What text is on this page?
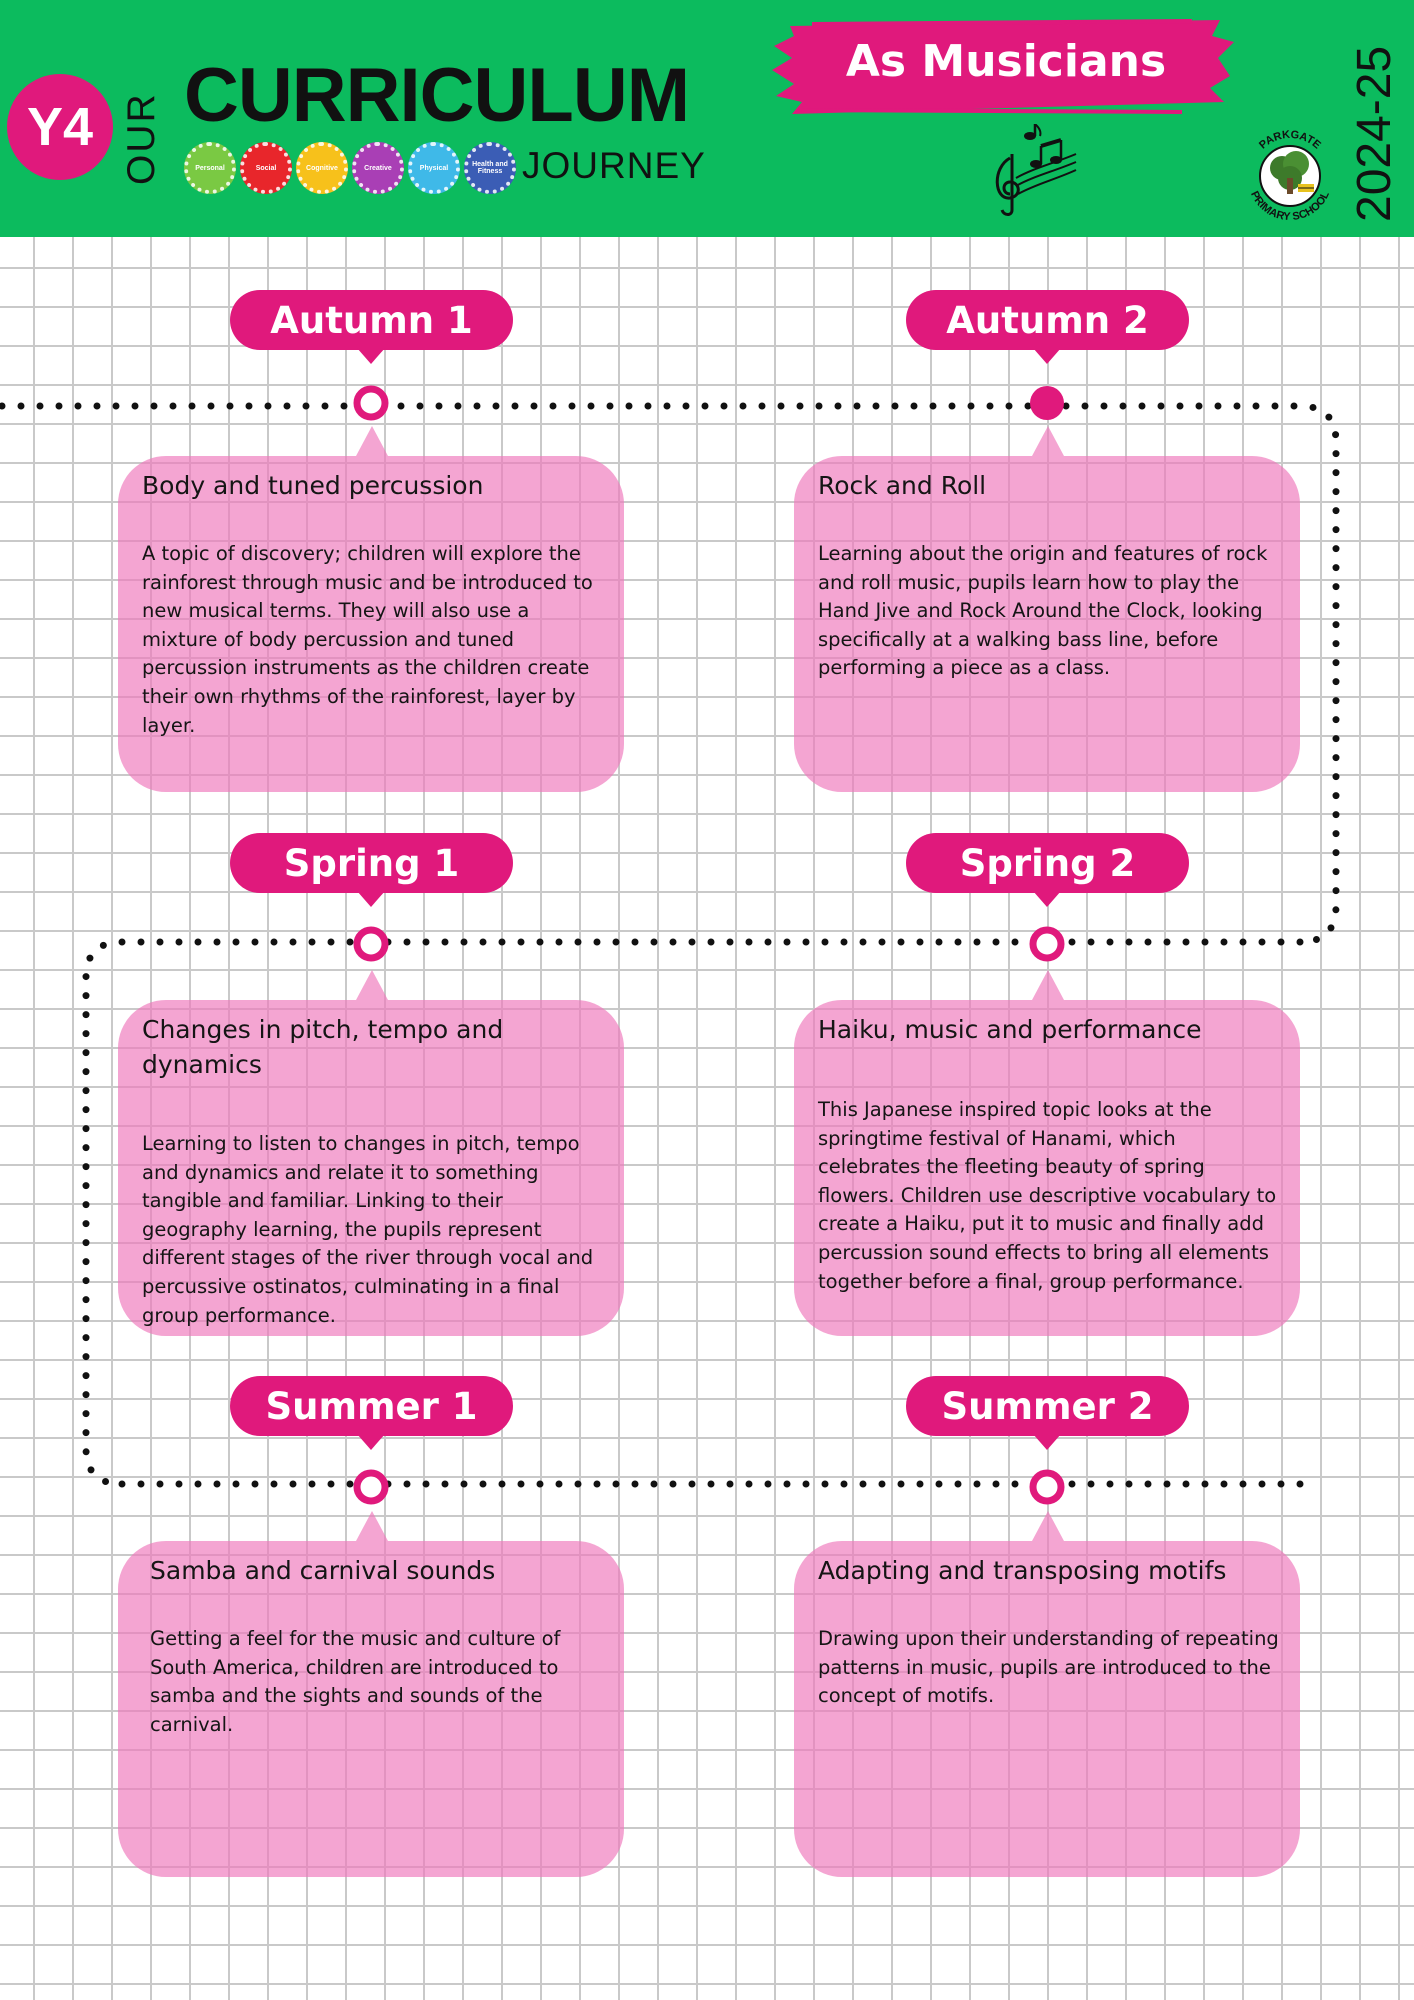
Y4 OUR CURRICULUM
Personal	Social	Cognitive	Creative	Physical	Health and Fitness JOURNEY
As Musicians
PARKGATE
PRIMARY SCHOOL 2024-25
Autumn 1	Autumn 2
Body and tuned percussion
A topic of discovery; children will explore the rainforest through music and be introduced to new musical terms. They will also use a mixture of body percussion and tuned percussion instruments as the children create their own rhythms of the rainforest, layer by layer.
Rock and Roll
Learning about the origin and features of rock and roll music, pupils learn how to play the Hand Jive and Rock Around the Clock, looking specifically at a walking bass line, before performing a piece as a class.
Spring 1	Spring 2
Changes in pitch, tempo and dynamics
Learning to listen to changes in pitch, tempo and dynamics and relate it to something tangible and familiar. Linking to their geography learning, the pupils represent different stages of the river through vocal and percussive ostinatos, culminating in a final group performance.
Haiku, music and performance
This Japanese inspired topic looks at the springtime festival of Hanami, which celebrates the fleeting beauty of spring flowers. Children use descriptive vocabulary to create a Haiku, put it to music and finally add percussion sound effects to bring all elements together before a final, group performance.
Summer 1	Summer 2
Samba and carnival sounds
Getting a feel for the music and culture of South America, children are introduced to samba and the sights and sounds of the carnival.
Adapting and transposing motifs
Drawing upon their understanding of repeating patterns in music, pupils are introduced to the concept of motifs.
